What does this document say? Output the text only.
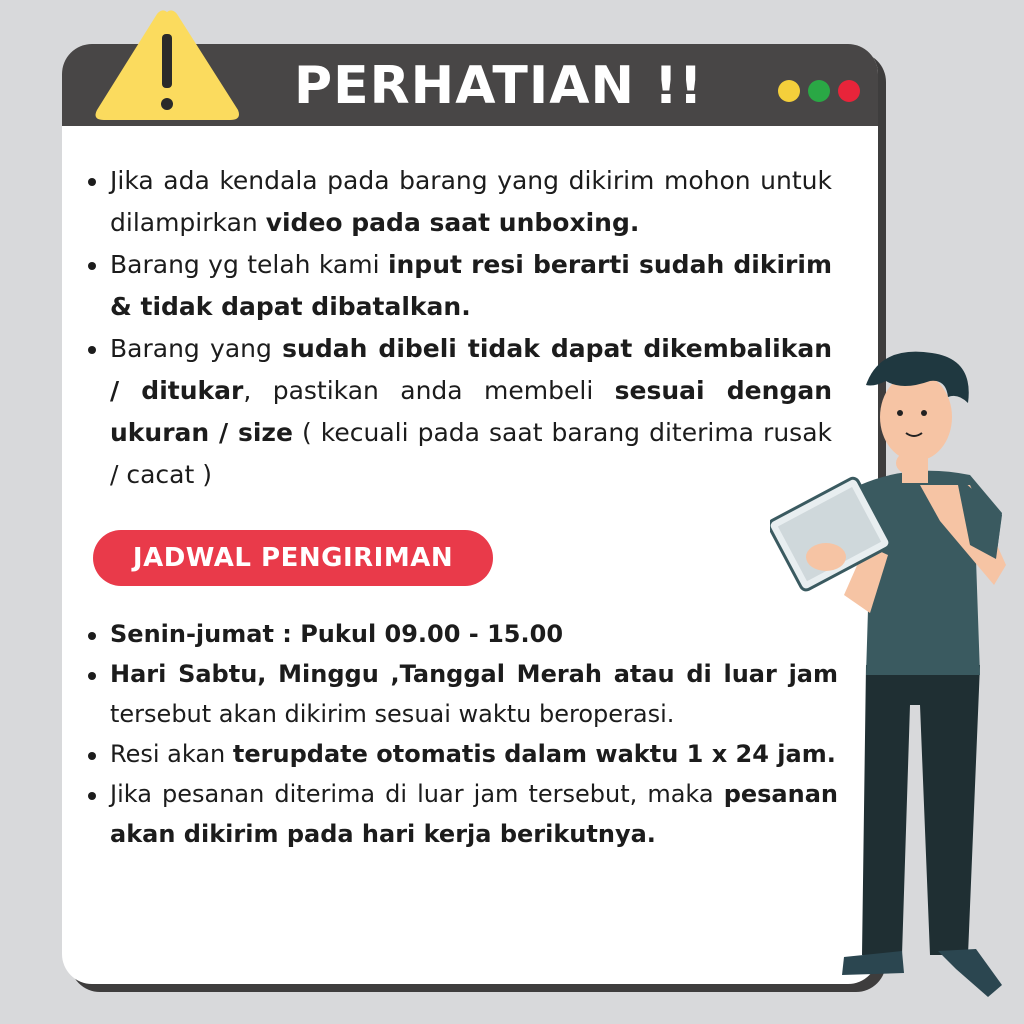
PERHATIAN !!
Jika ada kendala pada barang yang dikirim mohon untuk dilampirkan video pada saat unboxing.
Barang yg telah kami input resi berarti sudah dikirim & tidak dapat dibatalkan.
Barang yang sudah dibeli tidak dapat dikembalikan / ditukar, pastikan anda membeli sesuai dengan ukuran / size ( kecuali pada saat barang diterima rusak / cacat )
JADWAL PENGIRIMAN
Senin-jumat : Pukul 09.00 - 15.00
Hari Sabtu, Minggu ,Tanggal Merah atau di luar jam tersebut akan dikirim sesuai waktu beroperasi.
Resi akan terupdate otomatis dalam waktu 1 x 24 jam.
Jika pesanan diterima di luar jam tersebut, maka pesanan akan dikirim pada hari kerja berikutnya.
